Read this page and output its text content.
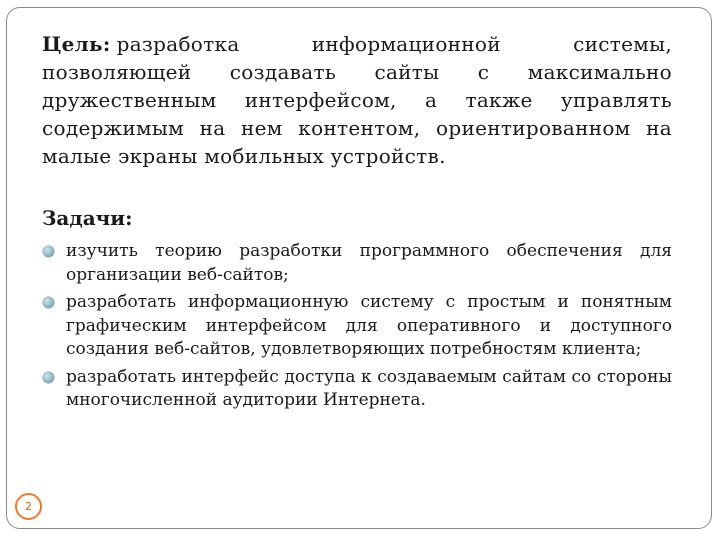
Цель: разработка информационной системы, позволяющей создавать сайты с максимально дружественным интерфейсом, а также управлять содержимым на нем контентом, ориентированном на малые экраны мобильных устройств.

Задачи:
изучить теорию разработки программного обеспечения для организации веб-сайтов;
разработать информационную систему с простым и понятным графическим интерфейсом для оперативного и доступного создания веб-сайтов, удовлетворяющих потребностям клиента;
разработать интерфейс доступа к создаваемым сайтам со стороны многочисленной аудитории Интернета.
2
